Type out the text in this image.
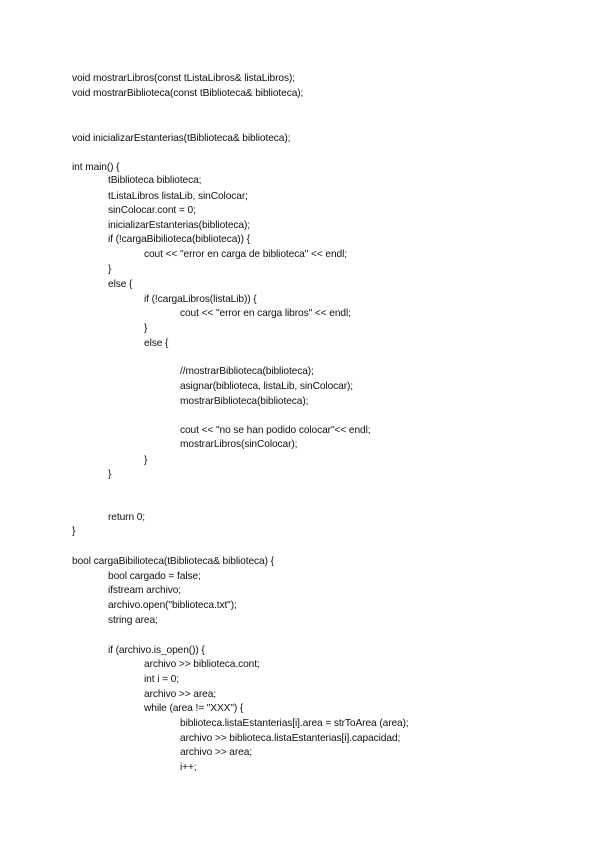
void mostrarLibros(const tListaLibros& listaLibros);
void mostrarBiblioteca(const tBiblioteca& biblioteca);
void inicializarEstanterias(tBiblioteca& biblioteca);
int main() {
tBiblioteca biblioteca;
tListaLibros listaLib, sinColocar;
sinColocar.cont = 0;
inicializarEstanterias(biblioteca);
if (!cargaBibilioteca(biblioteca)) {
cout << "error en carga de biblioteca" << endl;
}
else {
if (!cargaLibros(listaLib)) {
cout << "error en carga libros" << endl;
}
else {
//mostrarBiblioteca(biblioteca);
asignar(biblioteca, listaLib, sinColocar);
mostrarBiblioteca(biblioteca);
cout << "no se han podido colocar"<< endl;
mostrarLibros(sinColocar);
}
}
return 0;
}
bool cargaBibilioteca(tBiblioteca& biblioteca) {
bool cargado = false;
ifstream archivo;
archivo.open("biblioteca.txt");
string area;
if (archivo.is_open()) {
archivo >> biblioteca.cont;
int i = 0;
archivo >> area;
while (area != "XXX") {
biblioteca.listaEstanterias[i].area = strToArea (area);
archivo >> biblioteca.listaEstanterias[i].capacidad;
archivo >> area;
i++;
